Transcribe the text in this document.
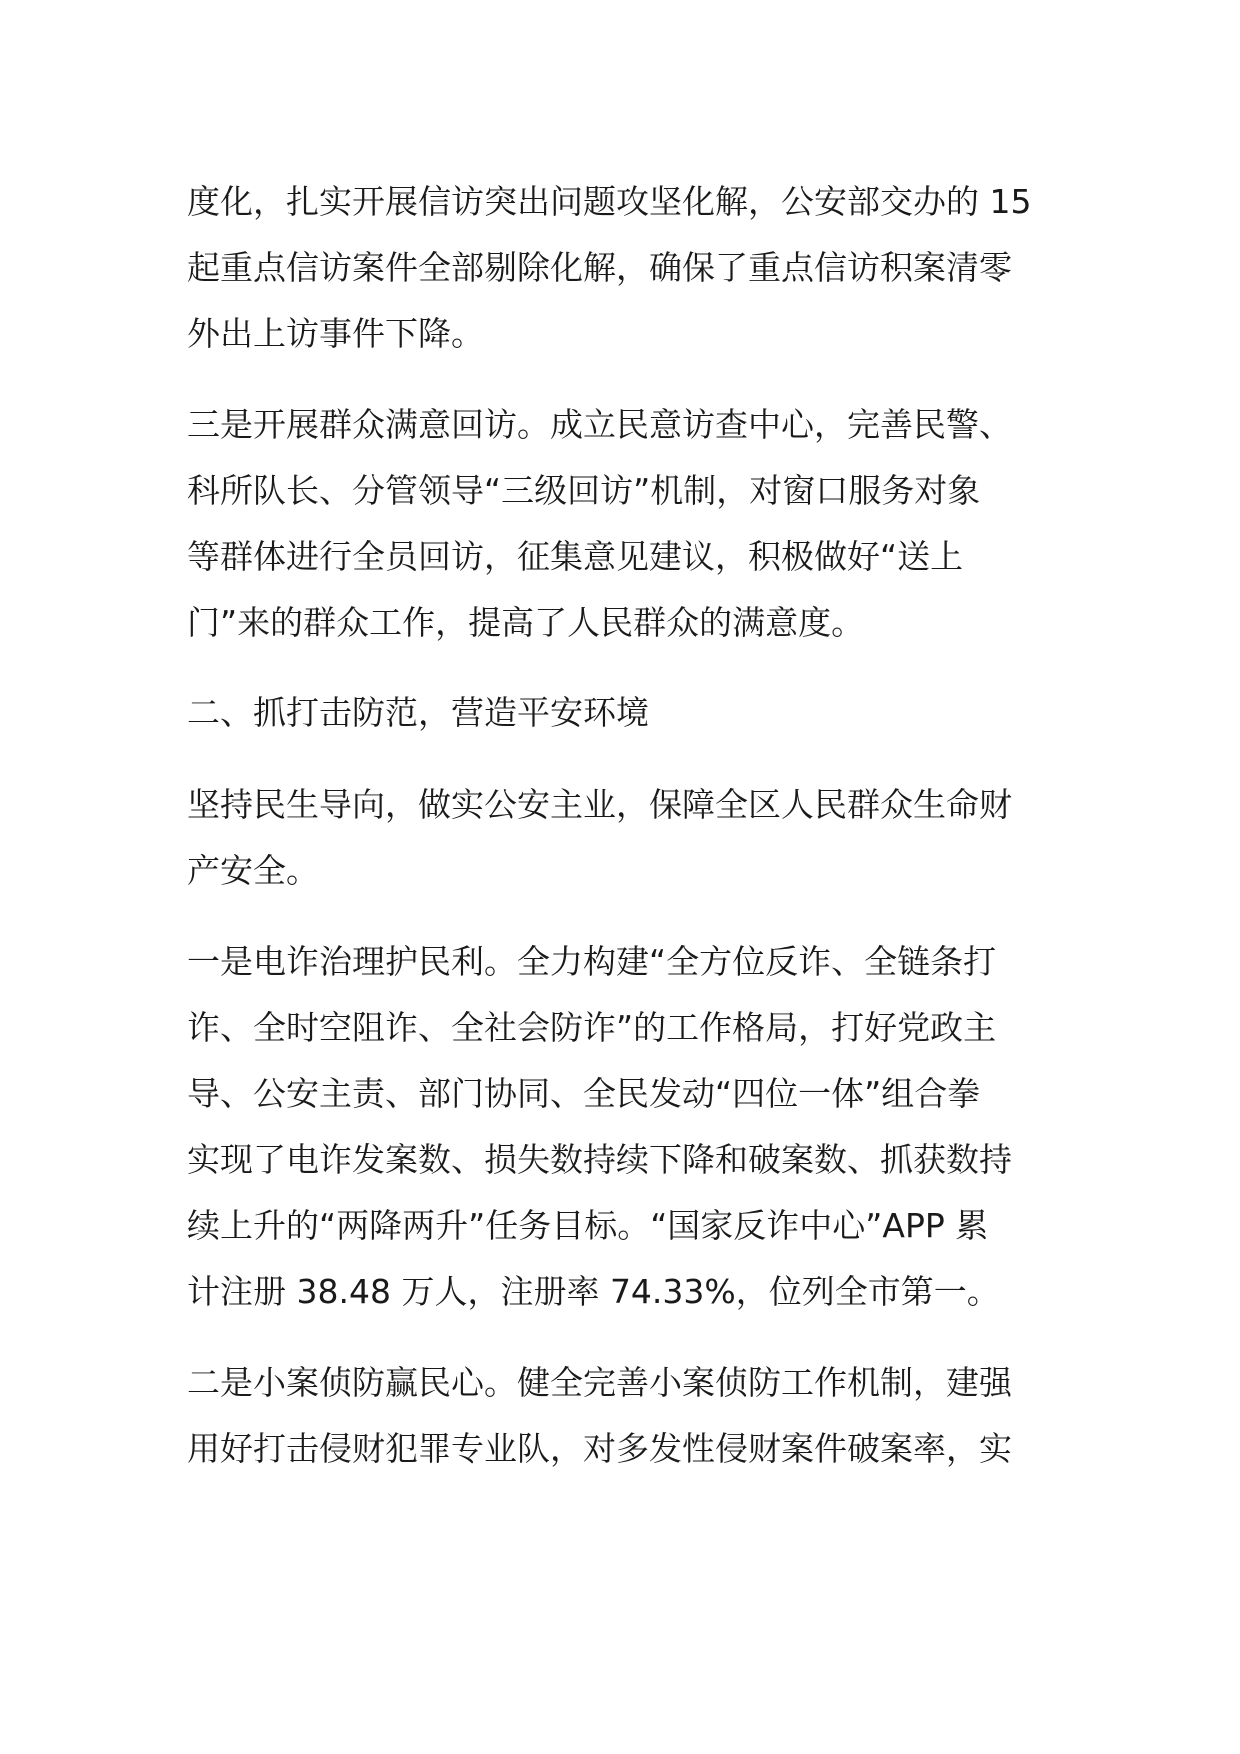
度化，扎实开展信访突出问题攻坚化解，公安部交办的 15

起重点信访案件全部剔除化解，确保了重点信访积案清零

外出上访事件下降。

三是开展群众满意回访。成立民意访查中心，完善民警、

科所队长、分管领导“三级回访”机制，对窗口服务对象

等群体进行全员回访，征集意见建议，积极做好“送上

门”来的群众工作，提高了人民群众的满意度。

二、抓打击防范，营造平安环境

坚持民生导向，做实公安主业，保障全区人民群众生命财

产安全。

一是电诈治理护民利。全力构建“全方位反诈、全链条打

诈、全时空阻诈、全社会防诈”的工作格局，打好党政主

导、公安主责、部门协同、全民发动“四位一体”组合拳

实现了电诈发案数、损失数持续下降和破案数、抓获数持

续上升的“两降两升”任务目标。“国家反诈中心”APP 累

计注册 38.48 万人，注册率 74.33%，位列全市第一。

二是小案侦防赢民心。健全完善小案侦防工作机制，建强

用好打击侵财犯罪专业队，对多发性侵财案件破案率，实
